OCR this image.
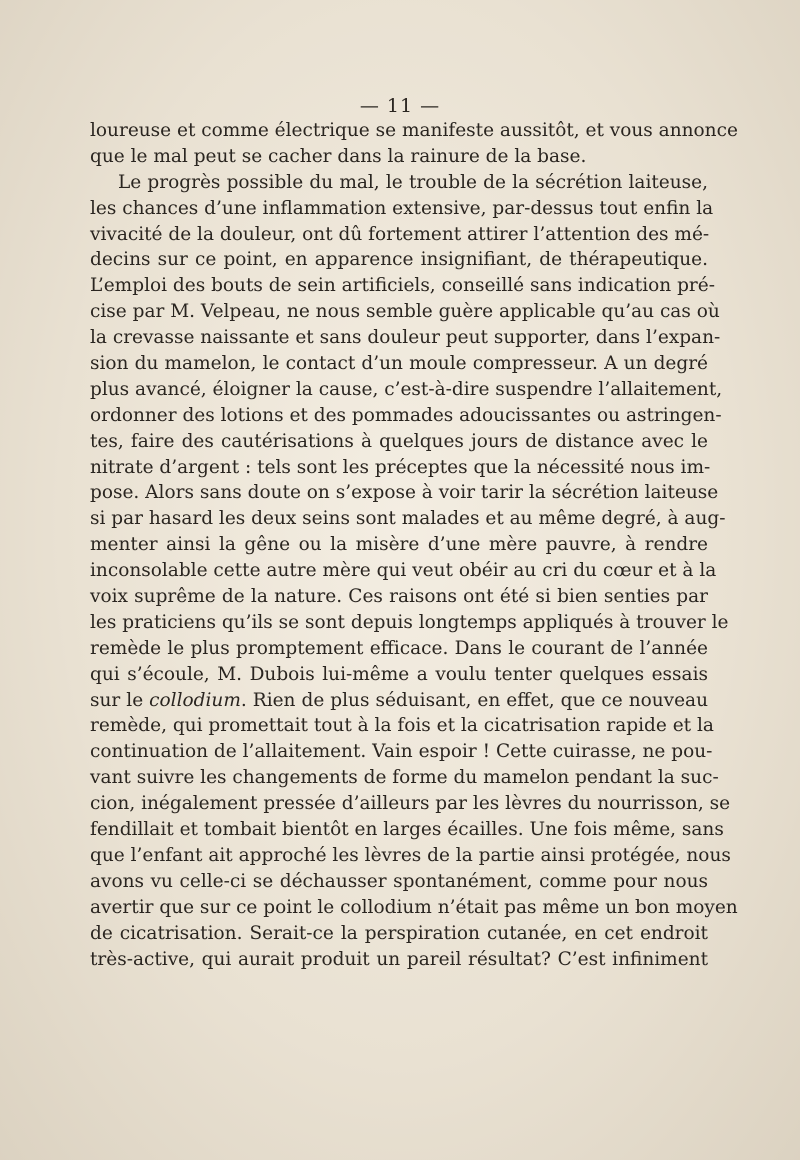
— 11 —
loureuse et comme électrique se manifeste aussitôt, et vous annonce
que le mal peut se cacher dans la rainure de la base.
Le progrès possible du mal, le trouble de la sécrétion laiteuse,
les chances d’une inflammation extensive, par-dessus tout enfin la
vivacité de la douleur, ont dû fortement attirer l’attention des mé-
decins sur ce point, en apparence insignifiant, de thérapeutique.
L’emploi des bouts de sein artificiels, conseillé sans indication pré-
cise par M. Velpeau, ne nous semble guère applicable qu’au cas où
la crevasse naissante et sans douleur peut supporter, dans l’expan-
sion du mamelon, le contact d’un moule compresseur. A un degré
plus avancé, éloigner la cause, c’est-à-dire suspendre l’allaitement,
ordonner des lotions et des pommades adoucissantes ou astringen-
tes, faire des cautérisations à quelques jours de distance avec le
nitrate d’argent : tels sont les préceptes que la nécessité nous im-
pose. Alors sans doute on s’expose à voir tarir la sécrétion laiteuse
si par hasard les deux seins sont malades et au même degré, à aug-
menter ainsi la gêne ou la misère d’une mère pauvre, à rendre
inconsolable cette autre mère qui veut obéir au cri du cœur et à la
voix suprême de la nature. Ces raisons ont été si bien senties par
les praticiens qu’ils se sont depuis longtemps appliqués à trouver le
remède le plus promptement efficace. Dans le courant de l’année
qui s’écoule, M. Dubois lui-même a voulu tenter quelques essais
sur le collodium. Rien de plus séduisant, en effet, que ce nouveau
remède, qui promettait tout à la fois et la cicatrisation rapide et la
continuation de l’allaitement. Vain espoir ! Cette cuirasse, ne pou-
vant suivre les changements de forme du mamelon pendant la suc-
cion, inégalement pressée d’ailleurs par les lèvres du nourrisson, se
fendillait et tombait bientôt en larges écailles. Une fois même, sans
que l’enfant ait approché les lèvres de la partie ainsi protégée, nous
avons vu celle-ci se déchausser spontanément, comme pour nous
avertir que sur ce point le collodium n’était pas même un bon moyen
de cicatrisation. Serait-ce la perspiration cutanée, en cet endroit
très-active, qui aurait produit un pareil résultat? C’est infiniment
